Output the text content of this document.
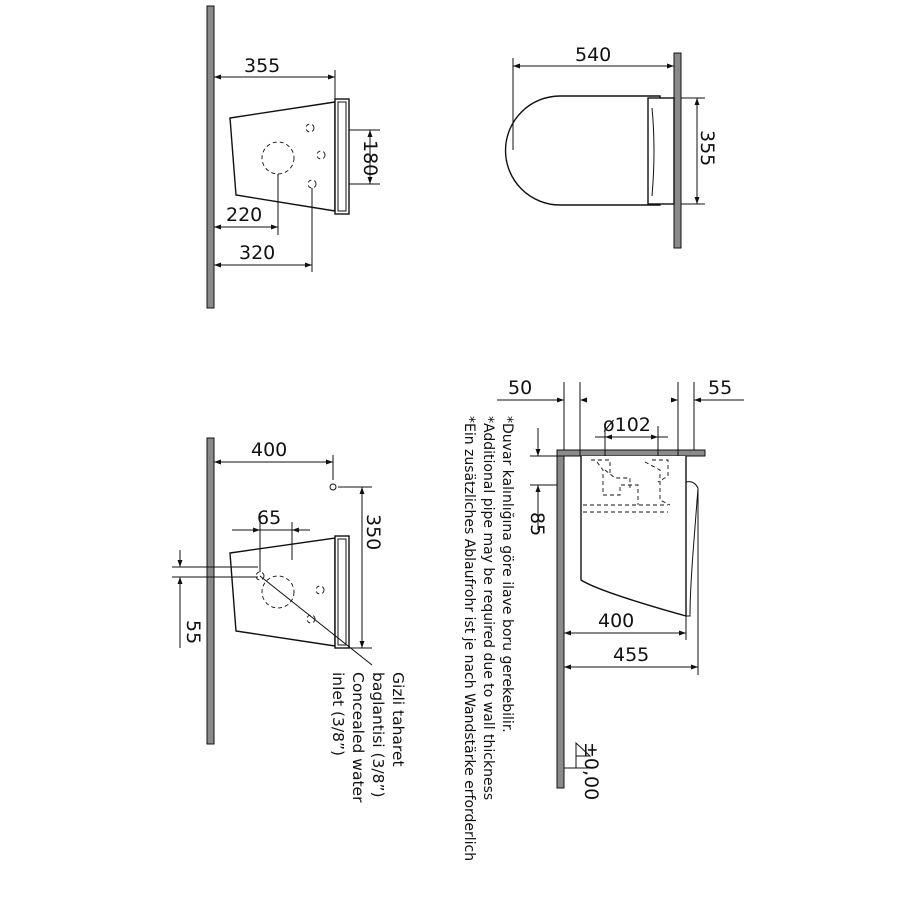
355
180
220
320
540
355
400
65	350
55
Gizli taharet
baglantisi (3/8”)
Concealed water
inlet (3/8”)	*Duvar kalınlığına göre ilave boru gerekebilir.
*Additional pipe may be required due to wall thickness
*Ein zusätzliches Ablaufrohr ist je nach Wandstärke erforderlich
50	55
ø102
85
400
455
±0,00
